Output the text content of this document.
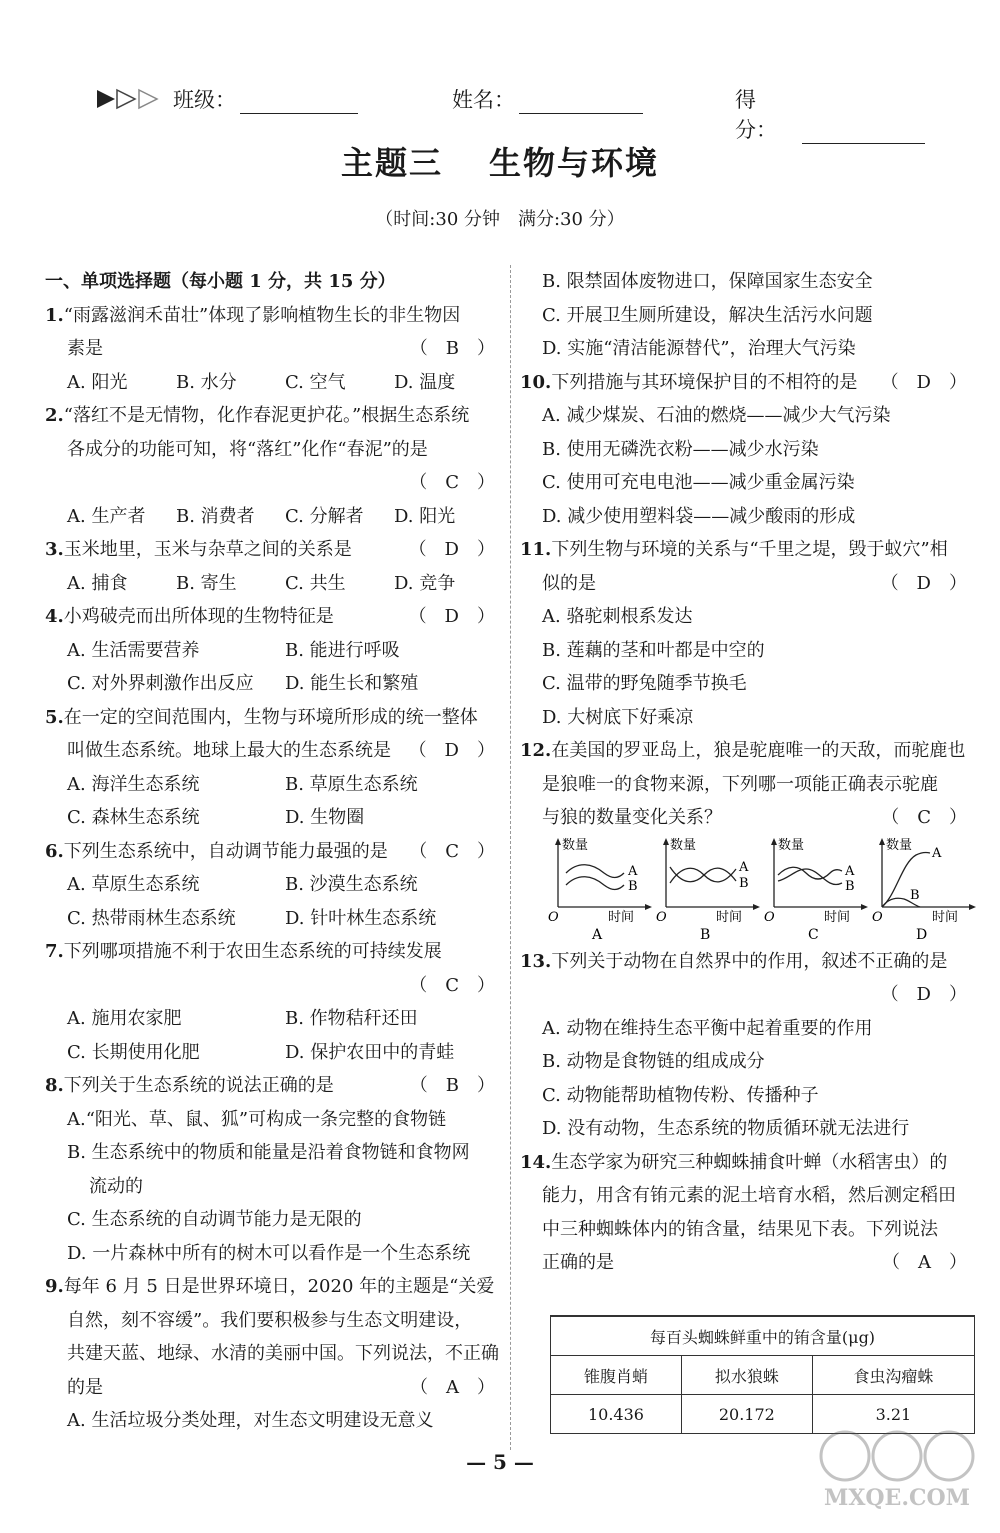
班级：	姓名：	得分：
主题三 生物与环境
（时间:30 分钟　满分:30 分）
一、单项选择题（每小题 1 分，共 15 分）
1.“雨露滋润禾苗壮”体现了影响植物生长的非生物因
素是	（　B　）
A. 阳光	B. 水分	C. 空气	D. 温度
2.“落红不是无情物，化作春泥更护花。”根据生态系统
各成分的功能可知，将“落红”化作“春泥”的是
（　C　）
A. 生产者	B. 消费者	C. 分解者	D. 阳光
3.玉米地里，玉米与杂草之间的关系是	（　D　）
A. 捕食	B. 寄生	C. 共生	D. 竞争
4.小鸡破壳而出所体现的生物特征是	（　D　）
A. 生活需要营养	B. 能进行呼吸
C. 对外界刺激作出反应	D. 能生长和繁殖
5.在一定的空间范围内，生物与环境所形成的统一整体
叫做生态系统。地球上最大的生态系统是 （　D　）
A. 海洋生态系统	B. 草原生态系统
C. 森林生态系统	D. 生物圈
6.下列生态系统中，自动调节能力最强的是 （　C　）
A. 草原生态系统	B. 沙漠生态系统
C. 热带雨林生态系统	D. 针叶林生态系统
7.下列哪项措施不利于农田生态系统的可持续发展
（　C　）
A. 施用农家肥	B. 作物秸秆还田
C. 长期使用化肥	D. 保护农田中的青蛙
8.下列关于生态系统的说法正确的是	（　B　）
A.“阳光、草、鼠、狐”可构成一条完整的食物链
B. 生态系统中的物质和能量是沿着食物链和食物网
流动的
C. 生态系统的自动调节能力是无限的
D. 一片森林中所有的树木可以看作是一个生态系统
9.每年 6 月 5 日是世界环境日，2020 年的主题是“关爱
自然，刻不容缓”。我们要积极参与生态文明建设，
共建天蓝、地绿、水清的美丽中国。下列说法，不正确
的是	（　A　）
A. 生活垃圾分类处理，对生态文明建设无意义
B. 限禁固体废物进口，保障国家生态安全
C. 开展卫生厕所建设，解决生活污水问题
D. 实施“清洁能源替代”，治理大气污染
10.下列措施与其环境保护目的不相符的是 （　D　）
A. 减少煤炭、石油的燃烧——减少大气污染
B. 使用无磷洗衣粉——减少水污染
C. 使用可充电电池——减少重金属污染
D. 减少使用塑料袋——减少酸雨的形成
11.下列生物与环境的关系与“千里之堤，毁于蚁穴”相
似的是	（　D　）
A. 骆驼刺根系发达
B. 莲藕的茎和叶都是中空的
C. 温带的野兔随季节换毛
D. 大树底下好乘凉
12.在美国的罗亚岛上，狼是驼鹿唯一的天敌，而驼鹿也
是狼唯一的食物来源，下列哪一项能正确表示驼鹿
与狼的数量变化关系？	（　C　）
数量
时间
O
A
B
A
数量
时间
O
A
B
B
数量
时间
O
A
B
C
数量
时间
O
A
B
D
13.下列关于动物在自然界中的作用，叙述不正确的是
（　D　）
A. 动物在维持生态平衡中起着重要的作用
B. 动物是食物链的组成成分
C. 动物能帮助植物传粉、传播种子
D. 没有动物，生态系统的物质循环就无法进行
14.生态学家为研究三种蜘蛛捕食叶蝉（水稻害虫）的
能力，用含有铕元素的泥土培育水稻，然后测定稻田
中三种蜘蛛体内的铕含量，结果见下表。下列说法
正确的是	（　A　）
每百头蜘蛛鲜重中的铕含量(μg)		
锥腹肖蛸	拟水狼蛛	食虫沟瘤蛛
10.436	20.172	3.21
— 5 —
MXQE.COM
